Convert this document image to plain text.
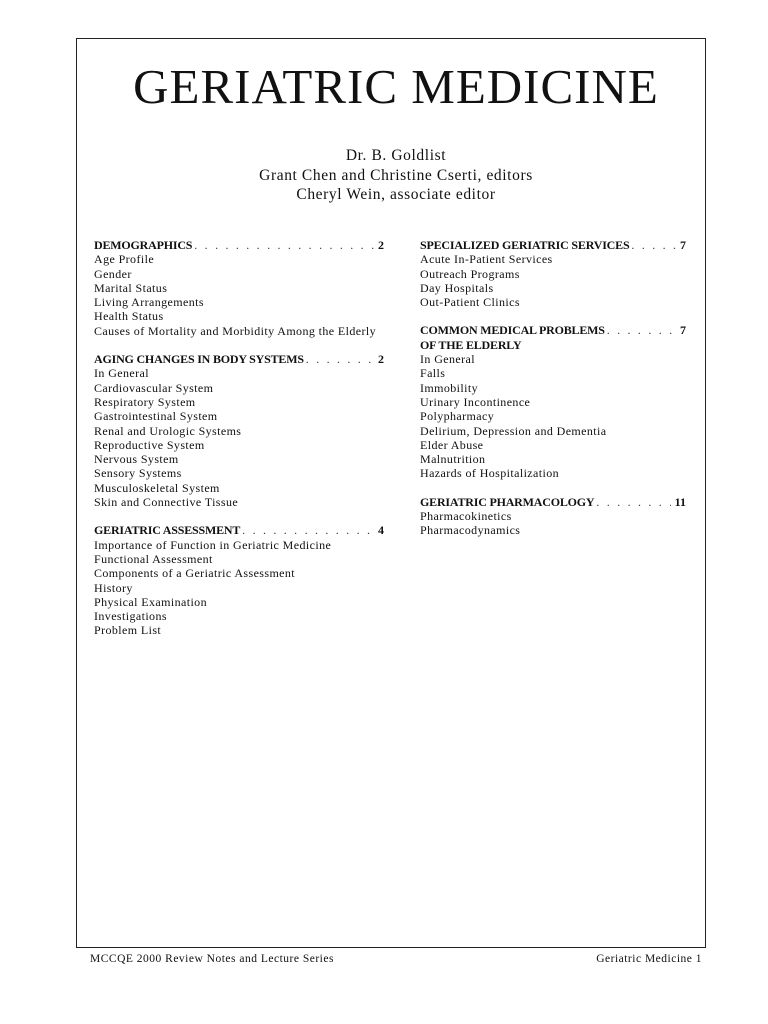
GERIATRIC MEDICINE
Dr. B. Goldlist
Grant Chen and Christine Cserti, editors
Cheryl Wein, associate editor
DEMOGRAPHICS . . .	2
Age Profile
Gender
Marital Status
Living Arrangements
Health Status
Causes of Mortality and Morbidity Among the Elderly
AGING CHANGES IN BODY SYSTEMS . . .	2
In General
Cardiovascular System
Respiratory System
Gastrointestinal System
Renal and Urologic Systems
Reproductive System
Nervous System
Sensory Systems
Musculoskeletal System
Skin and Connective Tissue
GERIATRIC ASSESSMENT . . .	4
Importance of Function in Geriatric Medicine
Functional Assessment
Components of a Geriatric Assessment
History
Physical Examination
Investigations
Problem List
SPECIALIZED GERIATRIC SERVICES . . .	7
Acute In-Patient Services
Outreach Programs
Day Hospitals
Out-Patient Clinics
COMMON MEDICAL PROBLEMS . . .	7
OF THE ELDERLY
In General
Falls
Immobility
Urinary Incontinence
Polypharmacy
Delirium, Depression and Dementia
Elder Abuse
Malnutrition
Hazards of Hospitalization
GERIATRIC PHARMACOLOGY . . .	11
Pharmacokinetics
Pharmacodynamics
MCCQE 2000 Review Notes and Lecture Series	Geriatric Medicine 1
